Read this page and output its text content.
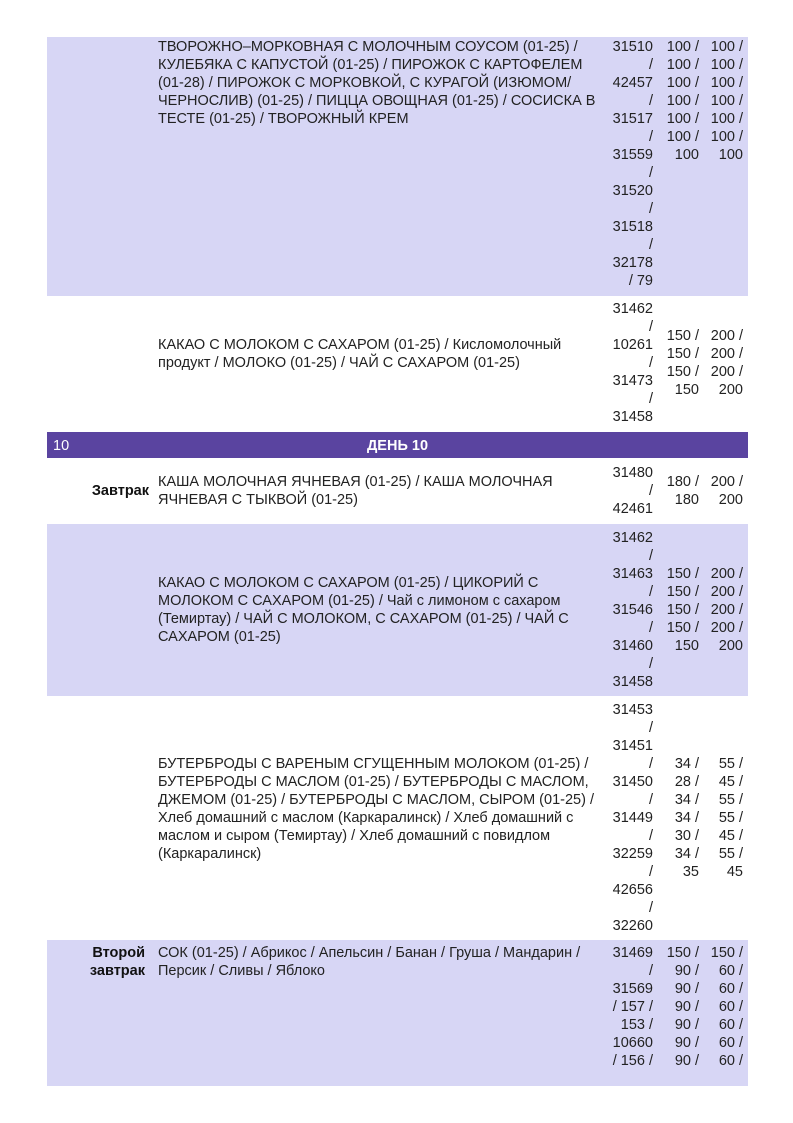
ТВОРОЖНО–МОРКОВНАЯ С МОЛОЧНЫМ СОУСОМ (01-25) / КУЛЕБЯКА С КАПУСТОЙ (01-25) / ПИРОЖОК С КАРТОФЕЛЕМ (01-28) / ПИРОЖОК С МОРКОВКОЙ, С КУРАГОЙ (ИЗЮМОМ/ЧЕРНОСЛИВ) (01-25) / ПИЦЦА ОВОЩНАЯ (01-25) / СОСИСКА В ТЕСТЕ (01-25) / ТВОРОЖНЫЙ КРЕМ
31510
/
42457
/
31517
/
31559
/
31520
/
31518
/
32178
/ 79
100 /
100 /
100 /
100 /
100 /
100 /
100
100 /
100 /
100 /
100 /
100 /
100 /
100
КАКАО С МОЛОКОМ С САХАРОМ (01-25) / Кисломолочный продукт / МОЛОКО (01-25) / ЧАЙ С САХАРОМ (01-25)
31462
/
10261
/
31473
/
31458
150 /
150 /
150 /
150
200 /
200 /
200 /
200
10	ДЕНЬ 10
Завтрак
КАША МОЛОЧНАЯ ЯЧНЕВАЯ (01-25) / КАША МОЛОЧНАЯ ЯЧНЕВАЯ С ТЫКВОЙ (01-25)
31480
/
42461
180 /
180
200 /
200
КАКАО С МОЛОКОМ С САХАРОМ (01-25) / ЦИКОРИЙ С МОЛОКОМ С САХАРОМ (01-25) / Чай с лимоном с сахаром (Темиртау) / ЧАЙ С МОЛОКОМ, С САХАРОМ (01-25) / ЧАЙ С САХАРОМ (01-25)
31462
/
31463
/
31546
/
31460
/
31458
150 /
150 /
150 /
150 /
150
200 /
200 /
200 /
200 /
200
БУТЕРБРОДЫ С ВАРЕНЫМ СГУЩЕННЫМ МОЛОКОМ (01-25) / БУТЕРБРОДЫ С МАСЛОМ (01-25) / БУТЕРБРОДЫ С МАСЛОМ, ДЖЕМОМ (01-25) / БУТЕРБРОДЫ С МАСЛОМ, СЫРОМ (01-25) / Хлеб домашний с маслом (Каркаралинск) / Хлеб домашний с маслом и сыром (Темиртау) / Хлеб домашний с повидлом (Каркаралинск)
31453
/
31451
/
31450
/
31449
/
32259
/
42656
/
32260
34 /
28 /
34 /
34 /
30 /
34 /
35
55 /
45 /
55 /
55 /
45 /
55 /
45
Второй завтрак
СОК (01-25) / Абрикос / Апельсин / Банан / Груша / Мандарин / Персик / Сливы / Яблоко
31469
/
31569
/ 157 /
153 /
10660
/ 156 /
150 /
90 /
90 /
90 /
90 /
90 /
90 /
150 /
60 /
60 /
60 /
60 /
60 /
60 /
